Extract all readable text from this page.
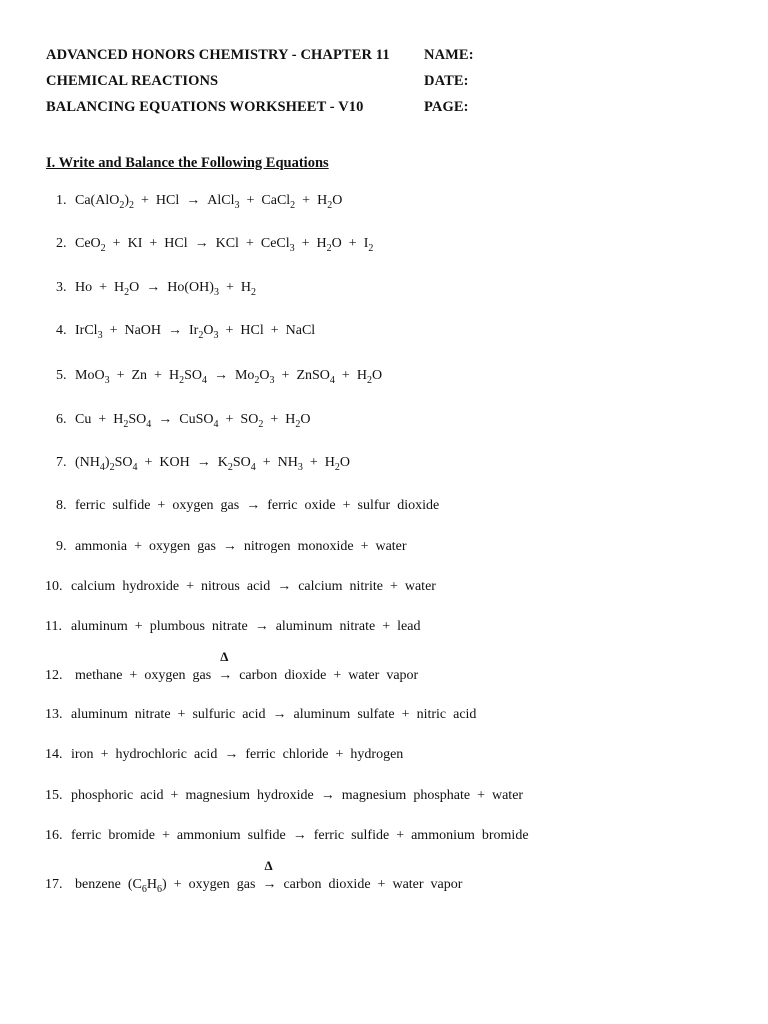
ADVANCED HONORS CHEMISTRY - CHAPTER 11
CHEMICAL REACTIONS
BALANCING EQUATIONS WORKSHEET - V10
NAME:
DATE:
PAGE:
I. Write and Balance the Following Equations
1. $Ca(AlO_2)_2$ + HCl → AlCl$_3$ + CaCl$_2$ + $H_2O$
2. CeO$_2$ + KI + HCl → KCl + CeCl$_3$ + $H_2O + I_2$
3. $Ho + H_2O \to Ho(OH)_3 + H_2$
4. IrCl$_3$ + NaOH → $Ir_2O_3$ + HCl + NaCl
5. $MoO_3 + Zn + H_2SO_4 \to Mo_2O_3$ + ZnSO$_4$ + $H_2O$
6. $Cu + H_2SO_4$ → CuSO$_4$ + $SO_2 + H_2O$
7. $(NH_4)_2SO_4$ + KOH → $K_2SO_4 + NH_3 + H_2O$
8. ferric sulfide + oxygen gas → ferric oxide + sulfur dioxide
9. ammonia + oxygen gas → nitrogen monoxide + water
10. calcium hydroxide + nitrous acid → calcium nitrite + water
11. aluminum + plumbous nitrate → aluminum nitrate + lead
12. methane + oxygen gas → carbon dioxide + water vapor
Δ
13. aluminum nitrate + sulfuric acid → aluminum sulfate + nitric acid
14. iron + hydrochloric acid → ferric chloride + hydrogen
15. phosphoric acid + magnesium hydroxide → magnesium phosphate + water
16. ferric bromide + ammonium sulfide → ferric sulfide + ammonium bromide
17. benzene $(C_6H_6)$ + oxygen gas → carbon dioxide + water vapor
Δ
